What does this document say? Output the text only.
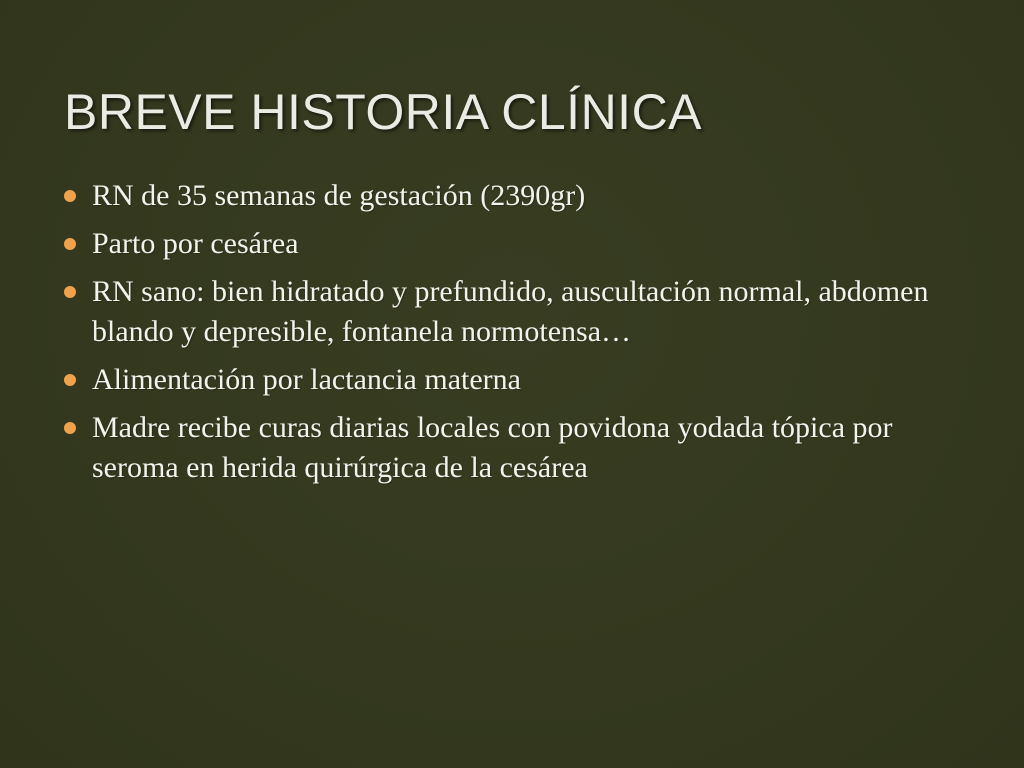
BREVE HISTORIA CLÍNICA
RN de 35 semanas de gestación (2390gr)
Parto por cesárea
RN sano: bien hidratado y prefundido, auscultación normal, abdomen blando y depresible, fontanela normotensa…
Alimentación por lactancia materna
Madre recibe curas diarias locales con povidona yodada tópica por seroma en herida quirúrgica de la cesárea
